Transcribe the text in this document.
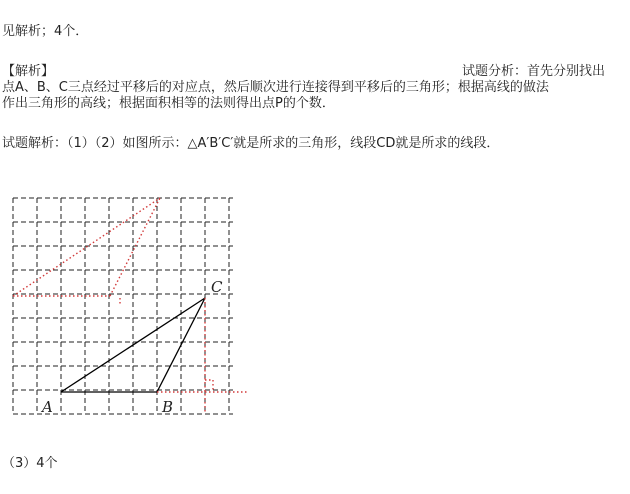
见解析；4个．
【解析】	试题分析：首先分别找出
点A、B、C三点经过平移后的对应点，然后顺次进行连接得到平移后的三角形；根据高线的做法
作出三角形的高线；根据面积相等的法则得出点P的个数．
试题解析：（1）（2）如图所示：△A′B′C′就是所求的三角形，线段CD就是所求的线段．
A	B
C
（3）4个
